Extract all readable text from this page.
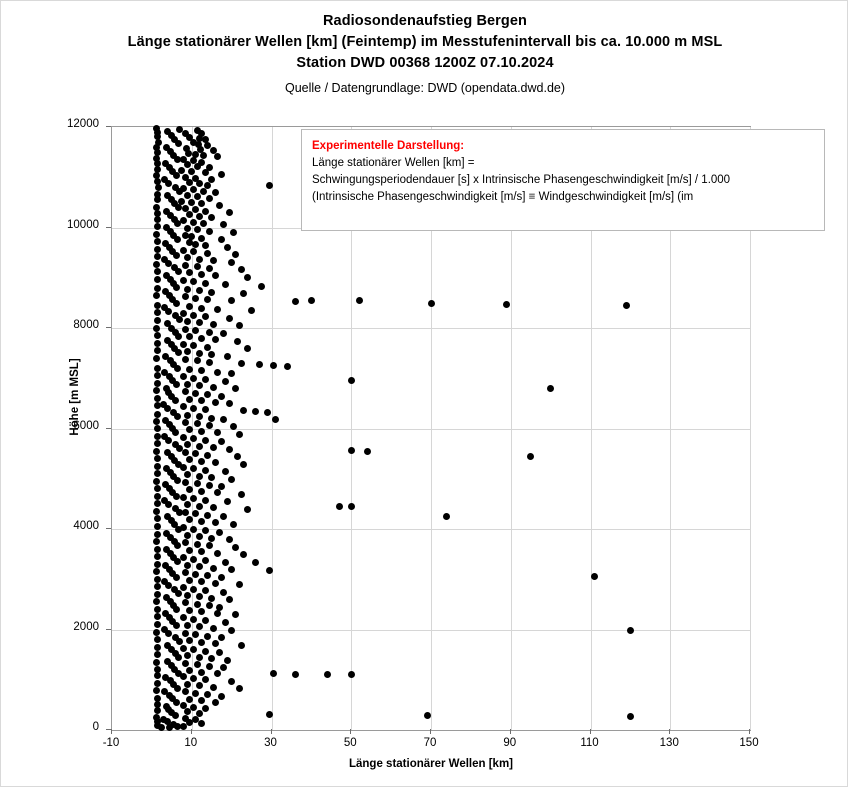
Radiosondenaufstieg Bergen
Länge stationärer Wellen [km] (Feintemp) im Messtufenintervall bis ca. 10.000 m MSL
Station DWD 00368 1200Z 07.10.2024
Quelle / Datengrundlage: DWD (opendata.dwd.de)
Länge stationärer Wellen [km]
Höhe [m MSL]
Experimentelle Darstellung:
Länge stationärer Wellen [km] =
Schwingungsperiodendauer [s] x Intrinsische Phasengeschwindigkeit [m/s] / 1.000
(Intrinsische Phasengeschwindigkeit [m/s] ≡ Windgeschwindigkeit [m/s] (im
-10	10	30	50	70	90	110	130	150
0
2000
4000
6000
8000
10000
12000
